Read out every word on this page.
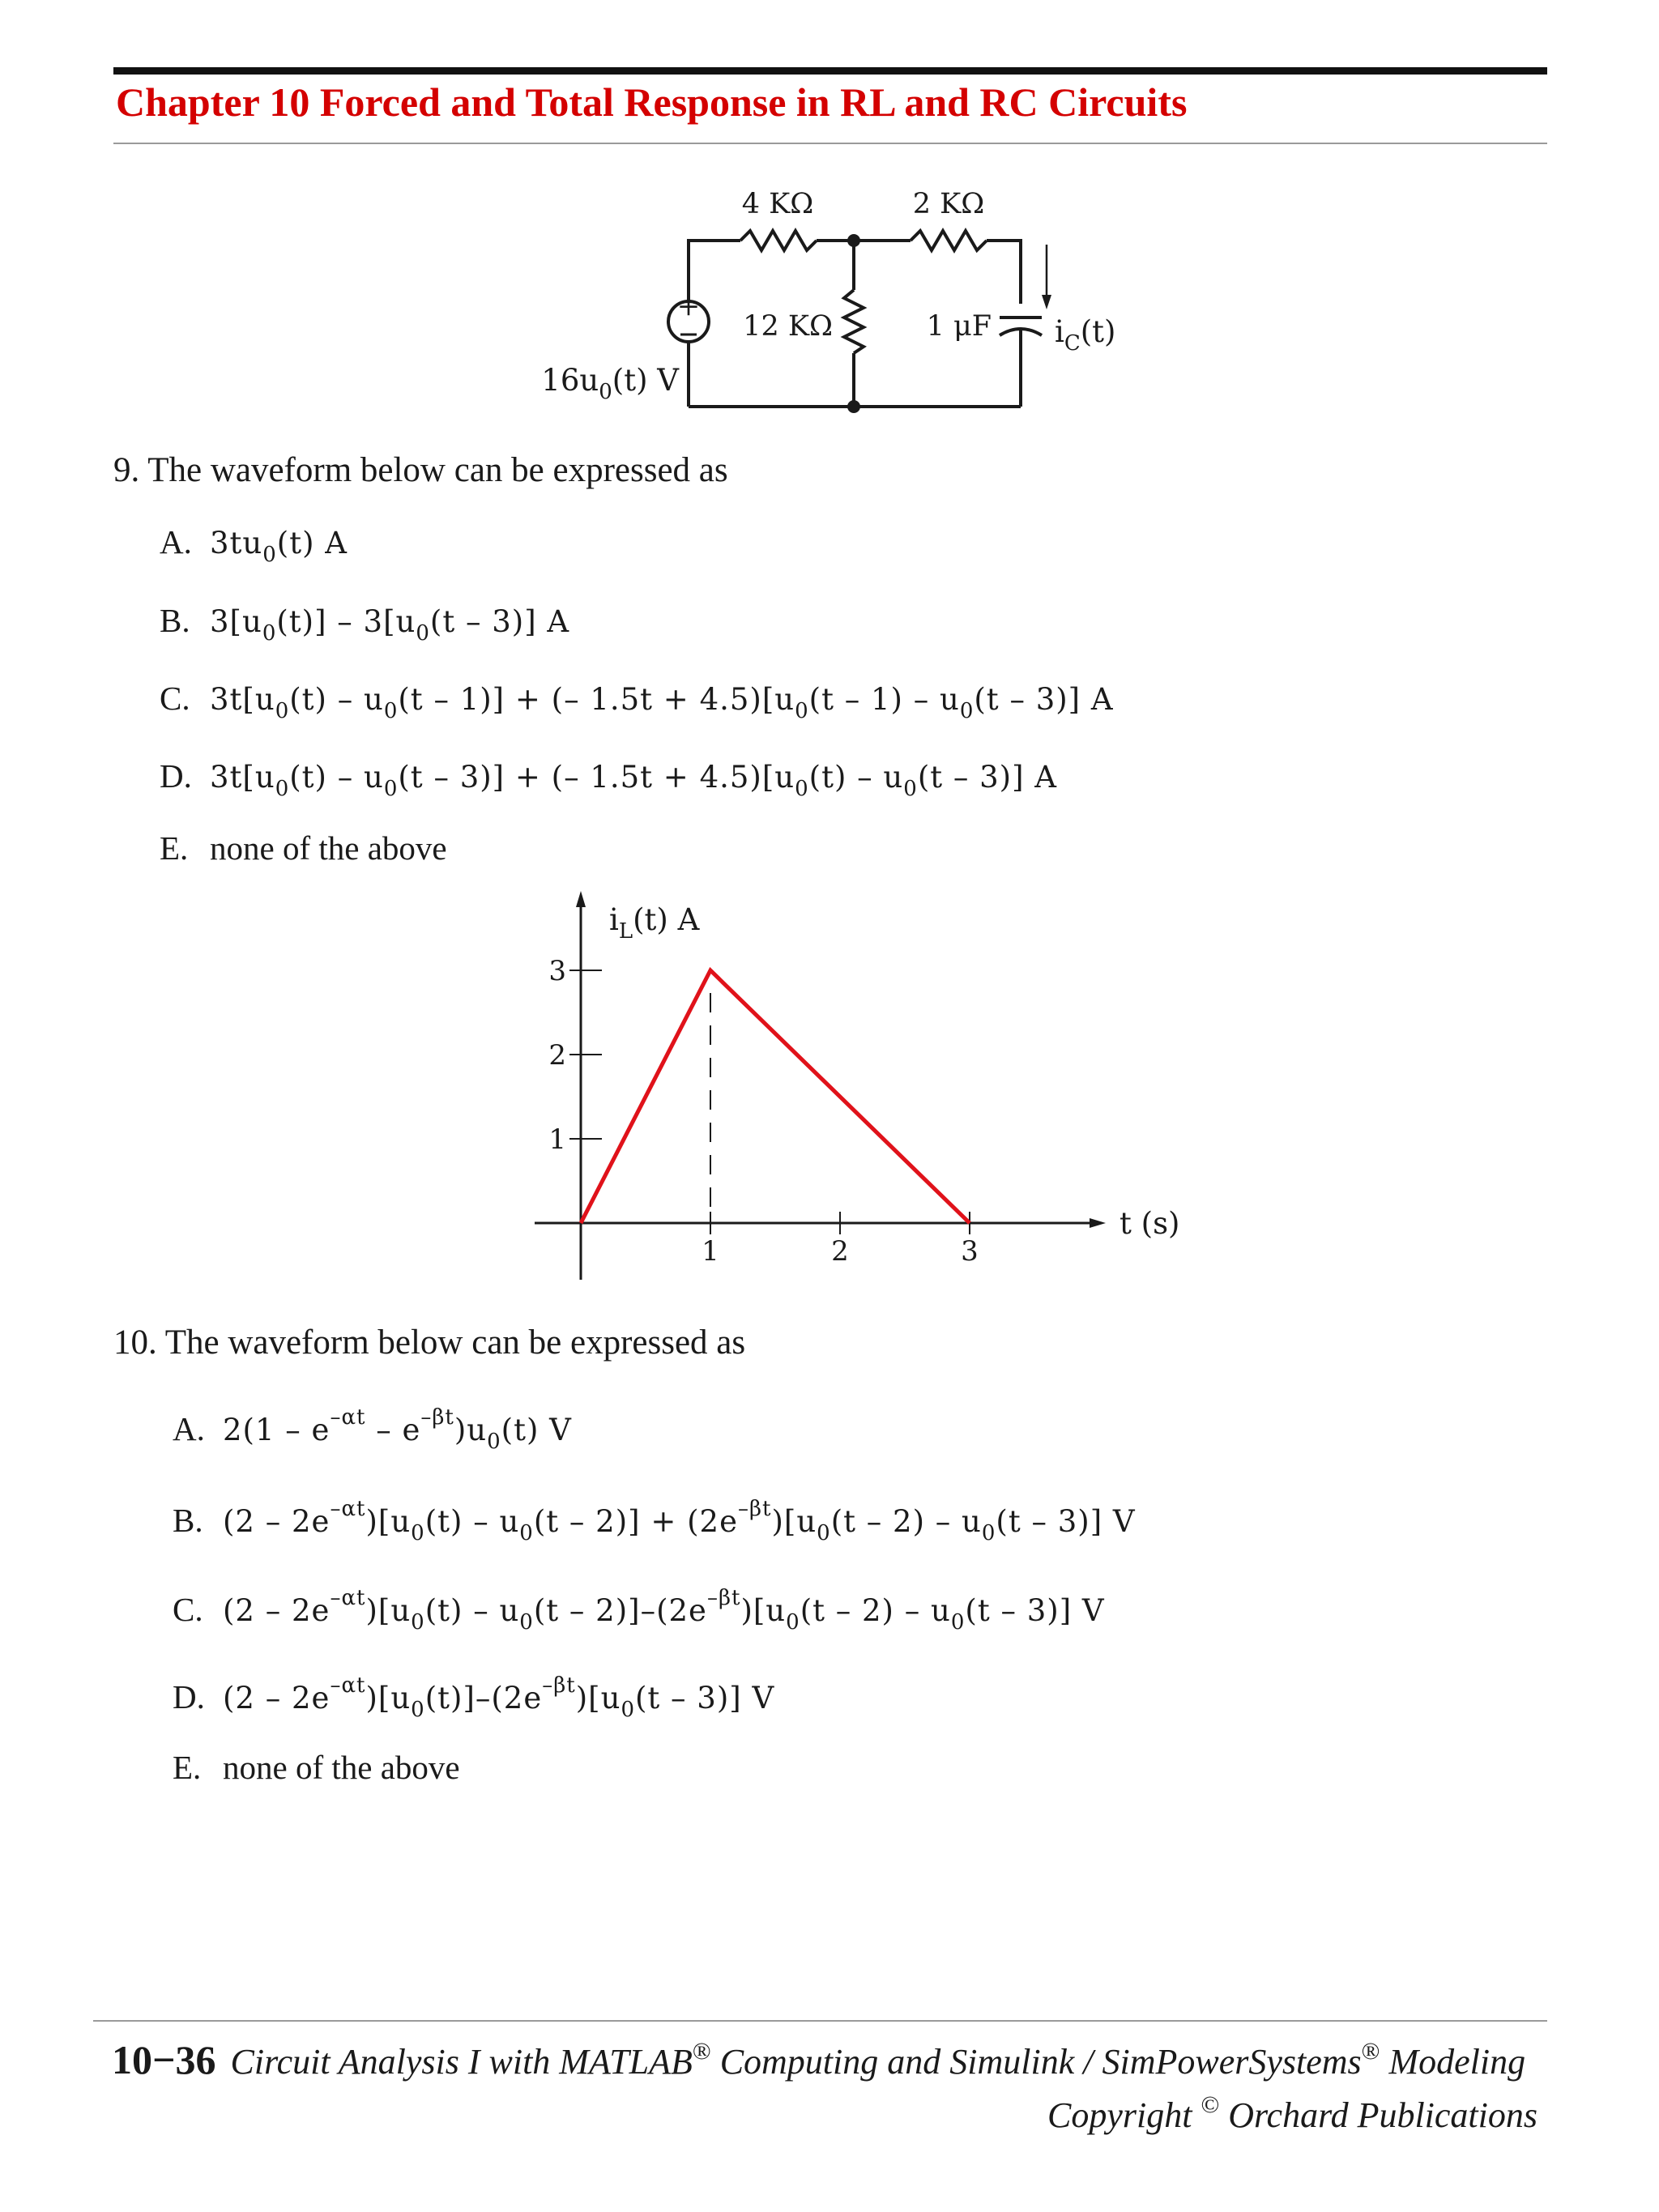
Chapter 10 Forced and Total Response in RL and RC Circuits
+
4 KΩ	2 KΩ
12 KΩ	1 μF
$16u_0(t)$ V
$i_C(t)$
9. The waveform below can be expressed as
A. $3tu_0(t)$ A
B. $3[u_0(t)] - 3[u_0(t - 3)]$ A
C. $3t[u_0(t) - u_0(t - 1)]$ + (– $1.5t + 4.5)[u_0(t - 1) - u_0(t - 3)]$ A
D. $3t[u_0(t) - u_0(t - 3)]$ + (– $1.5t + 4.5)[u_0(t) - u_0(t - 3)]$ A
E. none of the above
$i_L(t)$ A
t (s)
1	2	3
1
2
3
10. The waveform below can be expressed as
A. $2(1 - e^{-\alpha t} - e^{-\beta t})u_0(t)$ V
B. $(2 - 2e^{-\alpha t})[u_0(t) - u_0(t - 2)] + (2e^{-\beta t})[u_0(t - 2) - u_0(t - 3)]$ V
C. $(2 - 2e^{-\alpha t})[u_0(t) - u_0(t - 2)]-(2e^{-\beta t})[u_0(t - 2) - u_0(t - 3)]$ V
D. $(2 - 2e^{-\alpha t})[u_0(t)]-(2e^{-\beta t})[u_0(t - 3)]$ V
E. none of the above
10−36 Circuit Analysis I with MATLAB® Computing and Simulink / SimPowerSystems® Modeling
Copyright © Orchard Publications
